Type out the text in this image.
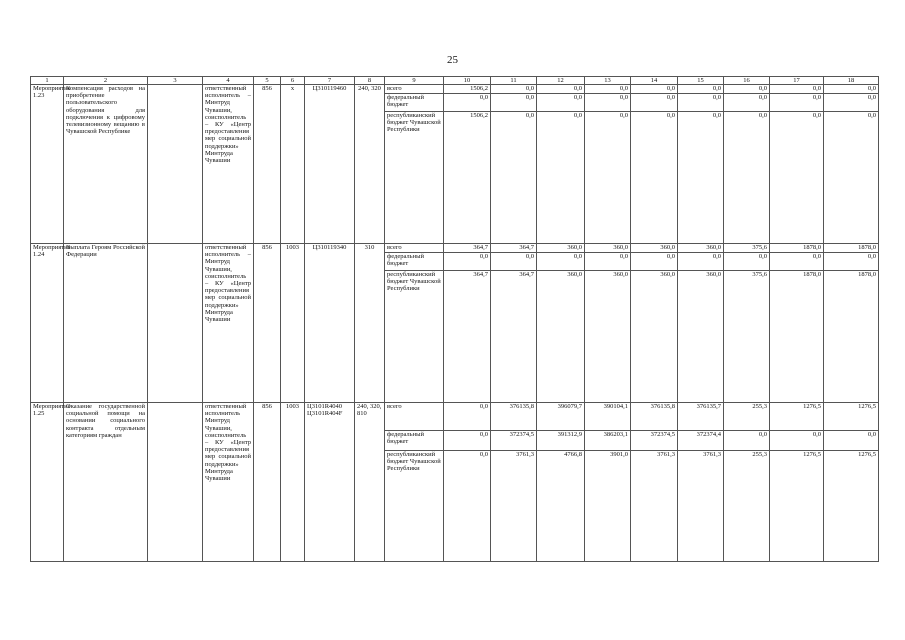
25
1	2	3	4	5	6	7	8	9	10	11	12	13	14	15	16	17	18
Мероприятие 1.23	Компенсация расходов на приобретение пользовательского оборудования для подключения к цифровому телевизионному вещанию в Чувашской Республике		ответственный исполнитель – Минтруд Чувашии, соисполнитель – КУ «Центр предоставления мер социальной поддержки» Минтруда Чувашии	856	х	Ц310119460	240, 320	всего	1506,2	0,0	0,0	0,0	0,0	0,0	0,0	0,0	0,0
								федеральный бюджет	0,0	0,0	0,0	0,0	0,0	0,0	0,0	0,0	0,0
								республиканский бюджет Чувашской Республики	1506,2	0,0	0,0	0,0	0,0	0,0	0,0	0,0	0,0
Мероприятие 1.24	Выплата Героям Российской Федерации		ответственный исполнитель – Минтруд Чувашии, соисполнитель – КУ «Центр предоставления мер социальной поддержки» Минтруда Чувашии	856	1003	Ц310119340	310	всего	364,7	364,7	360,0	360,0	360,0	360,0	375,6	1878,0	1878,0
								федеральный бюджет	0,0	0,0	0,0	0,0	0,0	0,0	0,0	0,0	0,0
								республиканский бюджет Чувашской Республики	364,7	364,7	360,0	360,0	360,0	360,0	375,6	1878,0	1878,0
Мероприятие 1.25	Оказание государственной социальной помощи на основании социального контракта отдельным категориям граждан		ответственный исполнитель Минтруд Чувашии, соисполнитель – КУ «Центр предоставления мер социальной поддержки» Минтруда Чувашии	856	1003	Ц3101R4040 Ц3101R404F	240, 320, 810	всего	0,0	376135,8	396079,7	390104,1	376135,8	376135,7	255,3	1276,5	1276,5
								федеральный бюджет	0,0	372374,5	391312,9	386203,1	372374,5	372374,4	0,0	0,0	0,0
								республиканский бюджет Чувашской Республики	0,0	3761,3	4766,8	3901,0	3761,3	3761,3	255,3	1276,5	1276,5
